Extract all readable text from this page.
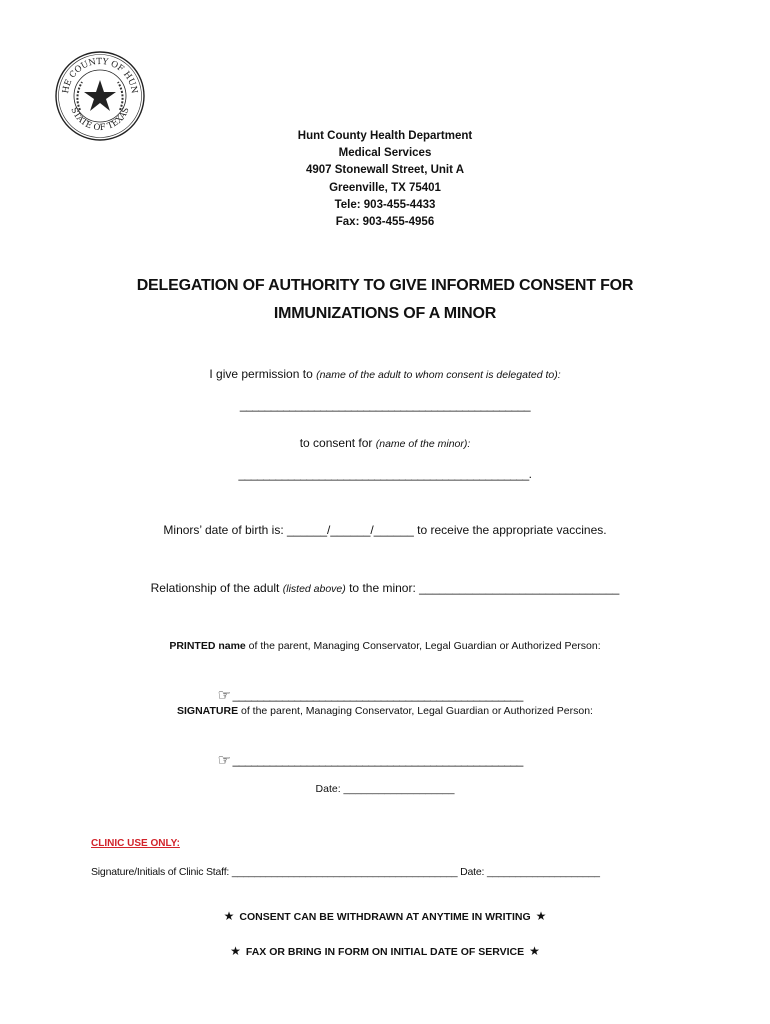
HE COUNTY OF HUN
STATE OF TEXAS
Hunt County Health Department
Medical Services
4907 Stonewall Street, Unit A
Greenville, TX 75401
Tele: 903-455-4433
Fax: 903-455-4956
DELEGATION OF AUTHORITY TO GIVE INFORMED CONSENT FOR
IMMUNIZATIONS OF A MINOR
I give permission to (name of the adult to whom consent is delegated to):
_______________________________________________
to consent for (name of the minor):
_______________________________________________.
Minors’ date of birth is: ______/______/______ to receive the appropriate vaccines.
Relationship of the adult (listed above) to the minor: ______________________________
PRINTED name of the parent, Managing Conservator, Legal Guardian or Authorized Person:

☞ _______________________________________________

SIGNATURE of the parent, Managing Conservator, Legal Guardian or Authorized Person:

☞ _______________________________________________

Date: ___________________
CLINIC USE ONLY:
Signature/Initials of Clinic Staff: ________________________________________ Date: ____________________
★ CONSENT CAN BE WITHDRAWN AT ANYTIME IN WRITING ★
★ FAX OR BRING IN FORM ON INITIAL DATE OF SERVICE ★
